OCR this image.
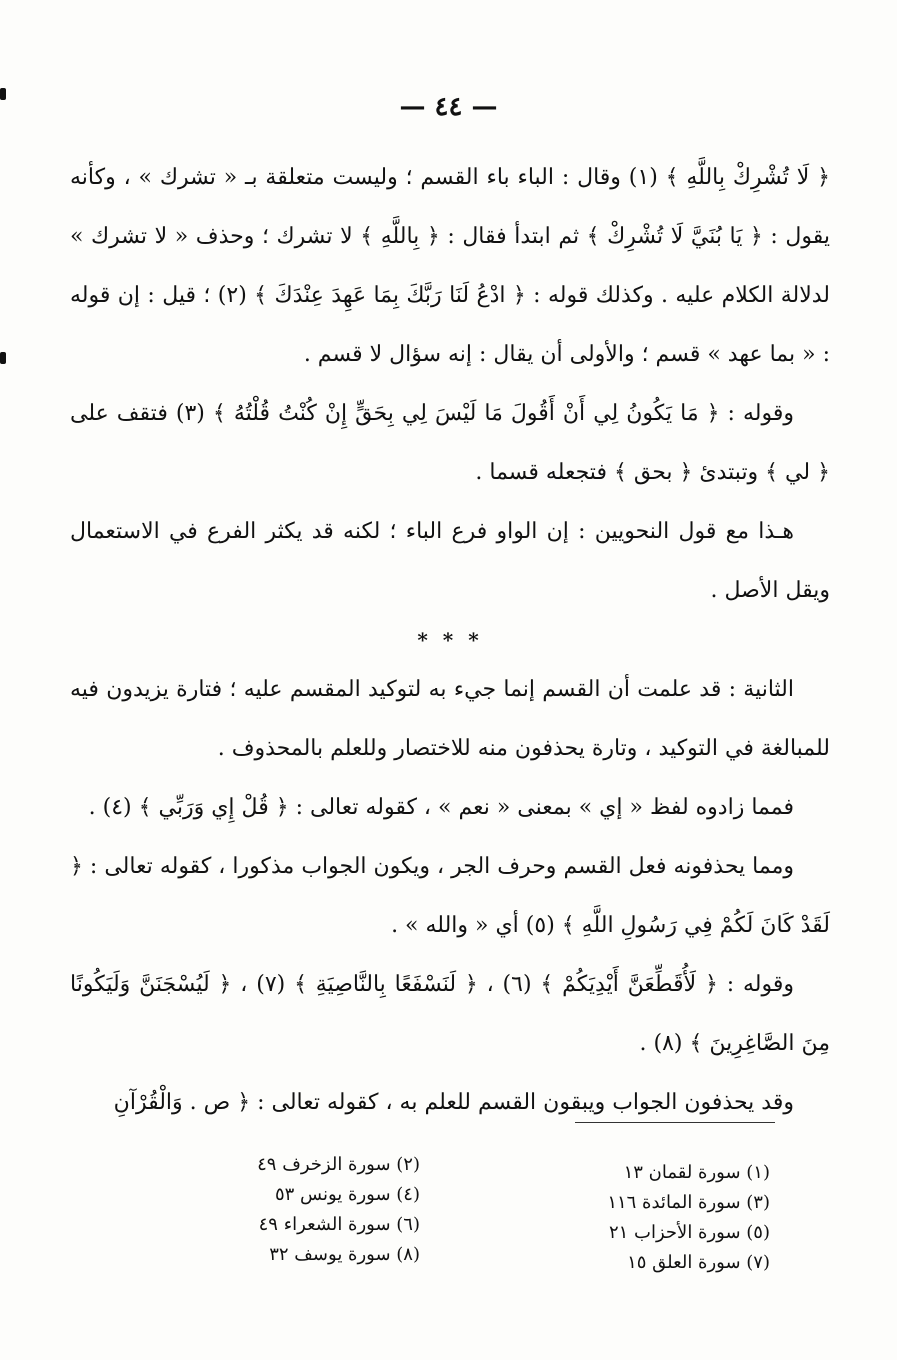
— ٤٤ —

﴿ لَا تُشْرِكْ بِاللَّهِ ﴾ (١) وقال : الباء باء القسم ؛ وليست متعلقة بـ « تشرك » ، وكأنه يقول : ﴿ يَا بُنَيَّ لَا تُشْرِكْ ﴾ ثم ابتدأ فقال : ﴿ بِاللَّهِ ﴾ لا تشرك ؛ وحذف « لا تشرك » لدلالة الكلام عليه . وكذلك قوله : ﴿ ادْعُ لَنَا رَبَّكَ بِمَا عَهِدَ عِنْدَكَ ﴾ (٢) ؛ قيل : إن قوله : « بما عهد » قسم ؛ والأولى أن يقال : إنه سؤال لا قسم .

وقوله : ﴿ مَا يَكُونُ لِي أَنْ أَقُولَ مَا لَيْسَ لِي بِحَقٍّ إِنْ كُنْتُ قُلْتُهُ ﴾ (٣) فتقف على ﴿ لي ﴾ وتبتدئ ﴿ بحق ﴾ فتجعله قسما .

هـذا مع قول النحويين : إن الواو فرع الباء ؛ لكنه قد يكثر الفرع في الاستعمال ويقل الأصل .

* * *

الثانية : قد علمت أن القسم إنما جيء به لتوكيد المقسم عليه ؛ فتارة يزيدون فيه للمبالغة في التوكيد ، وتارة يحذفون منه للاختصار وللعلم بالمحذوف .

فمما زادوه لفظ « إي » بمعنى « نعم » ، كقوله تعالى : ﴿ قُلْ إِي وَرَبِّي ﴾ (٤) .

ومما يحذفونه فعل القسم وحرف الجر ، ويكون الجواب مذكورا ، كقوله تعالى : ﴿ لَقَدْ كَانَ لَكُمْ فِي رَسُولِ اللَّهِ ﴾ (٥) أي « والله » .

وقوله : ﴿ لَأُقَطِّعَنَّ أَيْدِيَكُمْ ﴾ (٦) ، ﴿ لَنَسْفَعًا بِالنَّاصِيَةِ ﴾ (٧) ، ﴿ لَيُسْجَنَنَّ وَلَيَكُونًا مِنَ الصَّاغِرِينَ ﴾ (٨) .

وقد يحذفون الجواب ويبقون القسم للعلم به ، كقوله تعالى : ﴿ ص . وَالْقُرْآنِ

(١) سورة لقمان ١٣
(٣) سورة المائدة ١١٦
(٥) سورة الأحزاب ٢١
(٧) سورة العلق ١٥
(٢) سورة الزخرف ٤٩
(٤) سورة يونس ٥٣
(٦) سورة الشعراء ٤٩
(٨) سورة يوسف ٣٢
